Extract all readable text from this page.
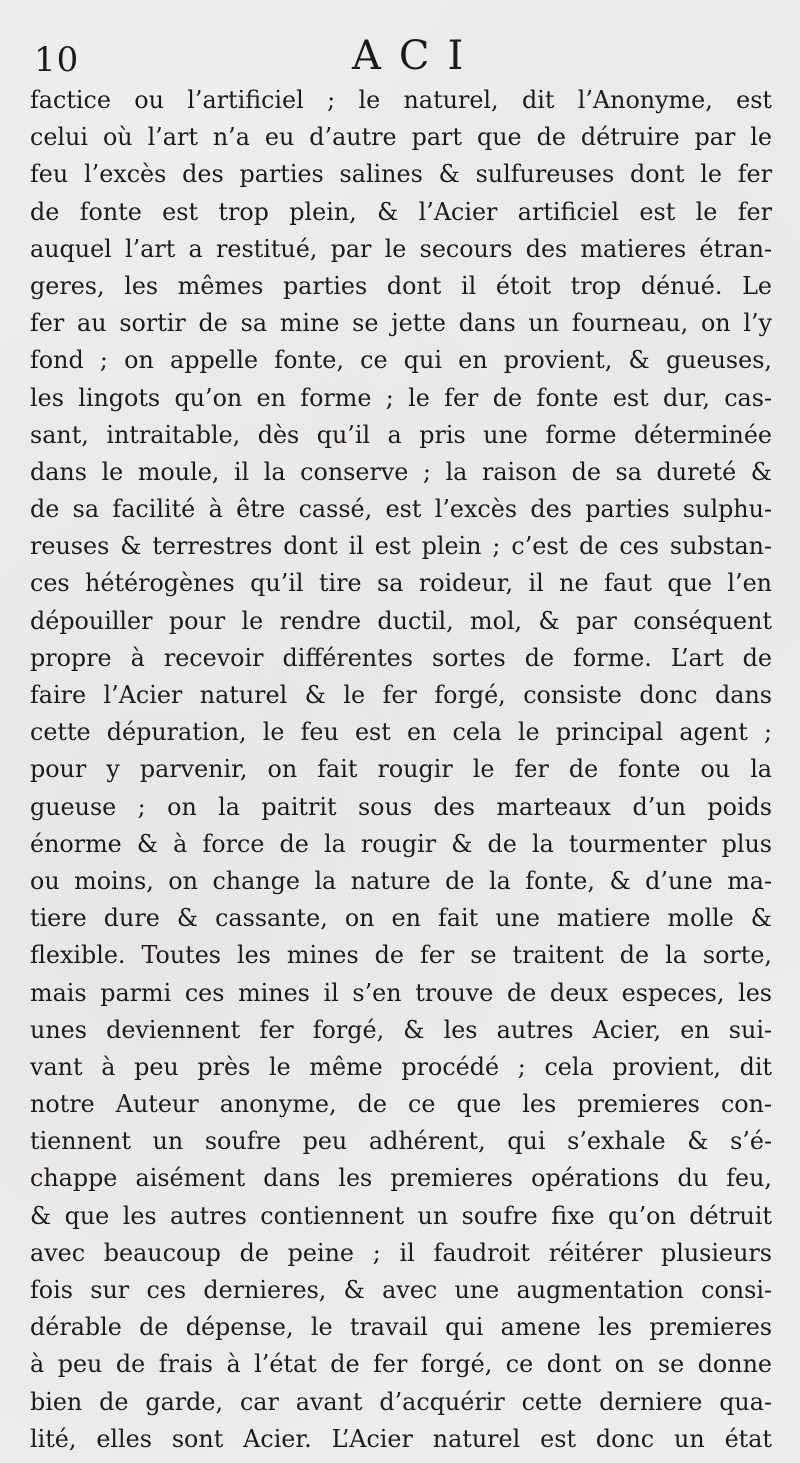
10	ACI
factice ou l’artificiel ; le naturel, dit l’Anonyme, est
celui où l’art n’a eu d’autre part que de détruire par le
feu l’excès des parties salines & sulfureuses dont le fer
de fonte est trop plein, & l’Acier artificiel est le fer
auquel l’art a restitué, par le secours des matieres étran-
geres, les mêmes parties dont il étoit trop dénué. Le
fer au sortir de sa mine se jette dans un fourneau, on l’y
fond ; on appelle fonte, ce qui en provient, & gueuses,
les lingots qu’on en forme ; le fer de fonte est dur, cas-
sant, intraitable, dès qu’il a pris une forme déterminée
dans le moule, il la conserve ; la raison de sa dureté &
de sa facilité à être cassé, est l’excès des parties sulphu-
reuses & terrestres dont il est plein ; c’est de ces substan-
ces hétérogènes qu’il tire sa roideur, il ne faut que l’en
dépouiller pour le rendre ductil, mol, & par conséquent
propre à recevoir différentes sortes de forme. L’art de
faire l’Acier naturel & le fer forgé, consiste donc dans
cette dépuration, le feu est en cela le principal agent ;
pour y parvenir, on fait rougir le fer de fonte ou la
gueuse ; on la paitrit sous des marteaux d’un poids
énorme & à force de la rougir & de la tourmenter plus
ou moins, on change la nature de la fonte, & d’une ma-
tiere dure & cassante, on en fait une matiere molle &
flexible. Toutes les mines de fer se traitent de la sorte,
mais parmi ces mines il s’en trouve de deux especes, les
unes deviennent fer forgé, & les autres Acier, en sui-
vant à peu près le même procédé ; cela provient, dit
notre Auteur anonyme, de ce que les premieres con-
tiennent un soufre peu adhérent, qui s’exhale & s’é-
chappe aisément dans les premieres opérations du feu,
& que les autres contiennent un soufre fixe qu’on détruit
avec beaucoup de peine ; il faudroit réitérer plusieurs
fois sur ces dernieres, & avec une augmentation consi-
dérable de dépense, le travail qui amene les premieres
à peu de frais à l’état de fer forgé, ce dont on se donne
bien de garde, car avant d’acquérir cette derniere qua-
lité, elles sont Acier. L’Acier naturel est donc un état
